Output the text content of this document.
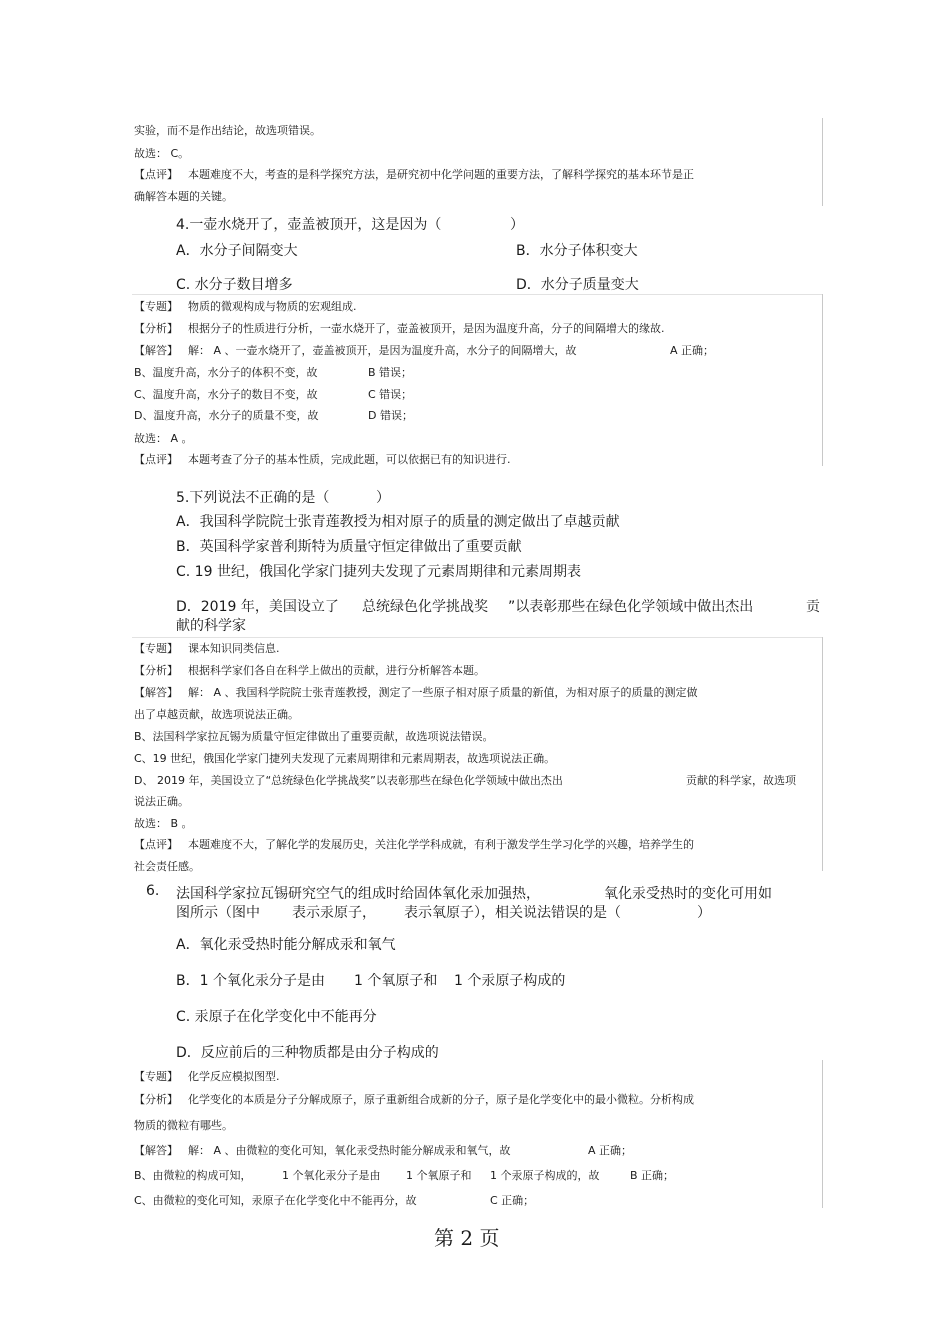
实验，而不是作出结论，故选项错误。
故选： C。
【点评】 本题难度不大，考查的是科学探究方法，是研究初中化学问题的重要方法，了解科学探究的基本环节是正
确解答本题的关键。
4.一壶水烧开了，壶盖被顶开，这是因为（	）
A．水分子间隔变大	B．水分子体积变大
C. 水分子数目增多	D．水分子质量变大
【专题】 物质的微观构成与物质的宏观组成.
【分析】 根据分子的性质进行分析，一壶水烧开了，壶盖被顶开，是因为温度升高，分子的间隔增大的缘故.
【解答】 解： A 、一壶水烧开了，壶盖被顶开，是因为温度升高，水分子的间隔增大，故	A 正确；
B、温度升高，水分子的体积不变，故	B 错误；
C、温度升高，水分子的数目不变，故	C 错误；
D、温度升高，水分子的质量不变，故	D 错误；
故选： A 。
【点评】 本题考查了分子的基本性质，完成此题，可以依据已有的知识进行.
5.下列说法不正确的是（	）
A．我国科学院院士张青莲教授为相对原子的质量的测定做出了卓越贡献
B．英国科学家普利斯特为质量守恒定律做出了重要贡献
C. 19 世纪，俄国化学家门捷列夫发现了元素周期律和元素周期表
D．2019 年，美国设立了 总统绿色化学挑战奖 ”以表彰那些在绿色化学领域中做出杰出	贡
献的科学家
【专题】 课本知识同类信息.
【分析】 根据科学家们各自在科学上做出的贡献，进行分析解答本题。
【解答】 解： A 、我国科学院院士张青莲教授，测定了一些原子相对原子质量的新值，为相对原子的质量的测定做
出了卓越贡献，故选项说法正确。
B、法国科学家拉瓦锡为质量守恒定律做出了重要贡献，故选项说法错误。
C、19 世纪，俄国化学家门捷列夫发现了元素周期律和元素周期表，故选项说法正确。
D、 2019 年，美国设立了“总统绿色化学挑战奖”以表彰那些在绿色化学领域中做出杰出	贡献的科学家，故选项
说法正确。
故选： B 。
【点评】 本题难度不大，了解化学的发展历史，关注化学学科成就，有利于激发学生学习化学的兴趣，培养学生的
社会责任感。
6. 法国科学家拉瓦锡研究空气的组成时给固体氧化汞加强热，	氧化汞受热时的变化可用如
图所示（图中 表示汞原子， 表示氧原子），相关说法错误的是（	）
A．氧化汞受热时能分解成汞和氧气
B．1 个氧化汞分子是由 1 个氧原子和 1 个汞原子构成的
C. 汞原子在化学变化中不能再分
D．反应前后的三种物质都是由分子构成的
【专题】 化学反应模拟图型.
【分析】 化学变化的本质是分子分解成原子，原子重新组合成新的分子，原子是化学变化中的最小微粒。分析构成
物质的微粒有哪些。
【解答】 解： A 、由微粒的变化可知，氧化汞受热时能分解成汞和氧气，故	A 正确；
B、由微粒的构成可知，	1 个氧化汞分子是由 1 个氧原子和 1 个汞原子构成的，故	B 正确；
C、由微粒的变化可知，汞原子在化学变化中不能再分，故	C 正确；
第 2 页
